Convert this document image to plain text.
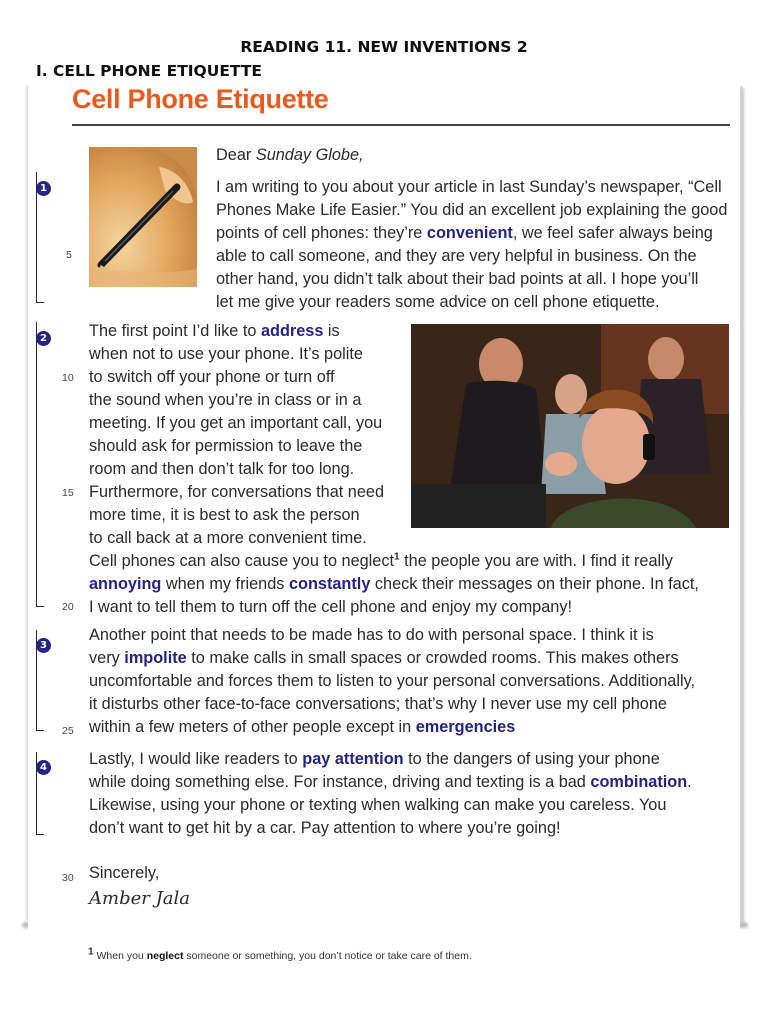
READING 11. NEW INVENTIONS 2
I. CELL PHONE ETIQUETTE
Cell Phone Etiquette
Dear Sunday Globe,
I am writing to you about your article in last Sunday’s newspaper, “Cell
Phones Make Life Easier.” You did an excellent job explaining the good
points of cell phones: they’re convenient, we feel safer always being
able to call someone, and they are very helpful in business. On the
other hand, you didn’t talk about their bad points at all. I hope you’ll
let me give your readers some advice on cell phone etiquette.
The first point I’d like to address is
when not to use your phone. It’s polite
to switch off your phone or turn off
the sound when you’re in class or in a
meeting. If you get an important call, you
should ask for permission to leave the
room and then don’t talk for too long.
Furthermore, for conversations that need
more time, it is best to ask the person
to call back at a more convenient time.
Cell phones can also cause you to neglect$^1$ the people you are with. I find it really
annoying when my friends constantly check their messages on their phone. In fact,
I want to tell them to turn off the cell phone and enjoy my company!
Another point that needs to be made has to do with personal space. I think it is
very impolite to make calls in small spaces or crowded rooms. This makes others
uncomfortable and forces them to listen to your personal conversations. Additionally,
it disturbs other face-to-face conversations; that’s why I never use my cell phone
within a few meters of other people except in emergencies
Lastly, I would like readers to pay attention to the dangers of using your phone
while doing something else. For instance, driving and texting is a bad combination.
Likewise, using your phone or texting when walking can make you careless. You
don’t want to get hit by a car. Pay attention to where you’re going!
Sincerely,
Amber Jala
1
2
3
4
5
10
15
20
25
30
$^1$ When you neglect someone or something, you don’t notice or take care of them.
